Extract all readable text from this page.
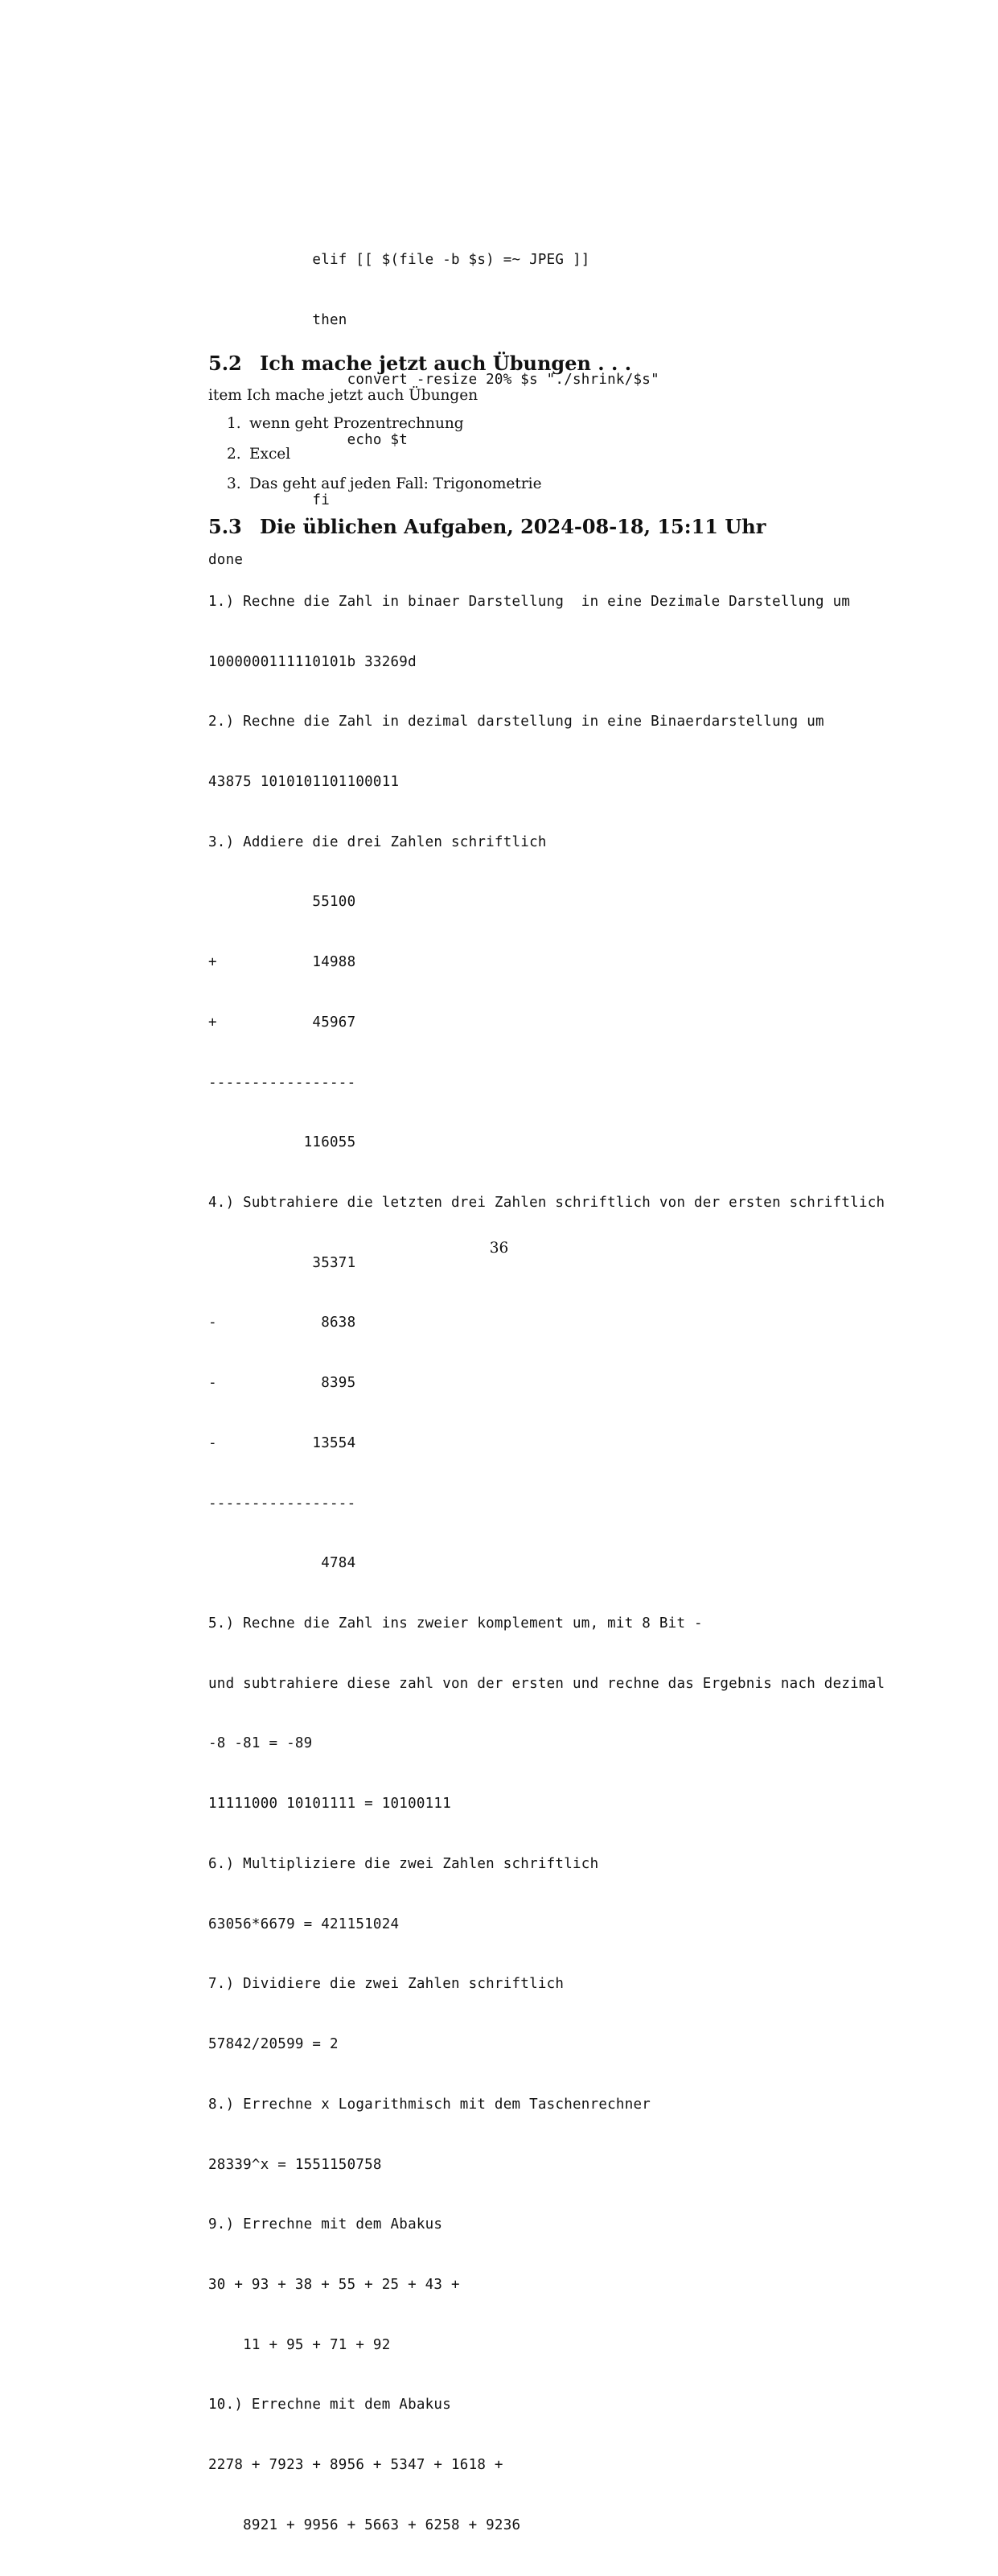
elif [[ $(file -b $s) =~ JPEG ]]

then

convert -resize 20% $s "./shrink/$s"

echo $t

fi

done

5.2 Ich mache jetzt auch Übungen . . .
item Ich mache jetzt auch Übungen
1. wenn geht Prozentrechnung
2. Excel
3. Das geht auf jeden Fall: Trigonometrie
5.3 Die üblichen Aufgaben, 2024-08-18, 15:11 Uhr

1.) Rechne die Zahl in binaer Darstellung  in eine Dezimale Darstellung um

1000000111110101b 33269d

2.) Rechne die Zahl in dezimal darstellung in eine Binaerdarstellung um

43875 1010101101100011

3.) Addiere die drei Zahlen schriftlich

55100

+           14988

+           45967

-----------------

116055

4.) Subtrahiere die letzten drei Zahlen schriftlich von der ersten schriftlich

35371

-            8638

-            8395

-           13554

-----------------

4784

5.) Rechne die Zahl ins zweier komplement um, mit 8 Bit -

und subtrahiere diese zahl von der ersten und rechne das Ergebnis nach dezimal

-8 -81 = -89

11111000 10101111 = 10100111

6.) Multipliziere die zwei Zahlen schriftlich

63056*6679 = 421151024

7.) Dividiere die zwei Zahlen schriftlich

57842/20599 = 2

8.) Errechne x Logarithmisch mit dem Taschenrechner

28339^x = 1551150758

9.) Errechne mit dem Abakus

30 + 93 + 38 + 55 + 25 + 43 +

11 + 95 + 71 + 92

10.) Errechne mit dem Abakus

2278 + 7923 + 8956 + 5347 + 1618 +

8921 + 9956 + 5663 + 6258 + 9236

36
